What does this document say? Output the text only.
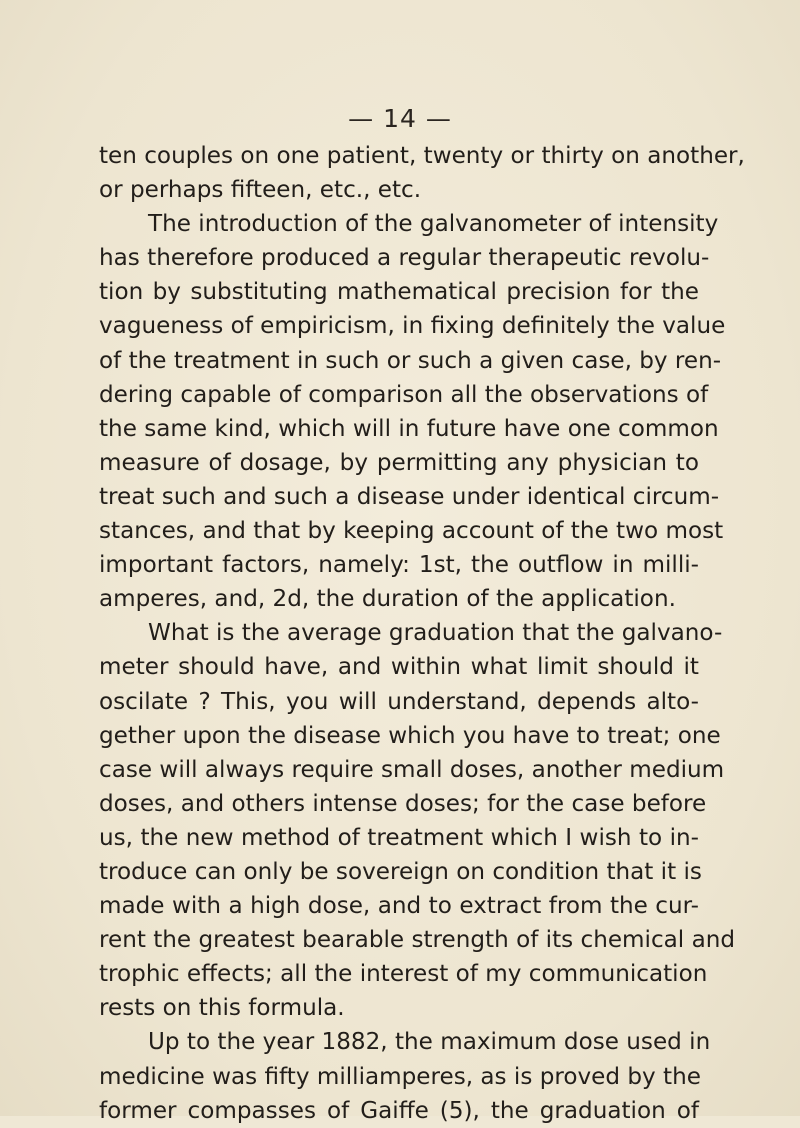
— 14 —
ten couples on one patient, twenty or thirty on another,
or perhaps fifteen, etc., etc.
The introduction of the galvanometer of intensity
has therefore produced a regular therapeutic revolu-
tion by substituting mathematical precision for the
vagueness of empiricism, in fixing definitely the value
of the treatment in such or such a given case, by ren-
dering capable of comparison all the observations of
the same kind, which will in future have one common
measure of dosage, by permitting any physician to
treat such and such a disease under identical circum-
stances, and that by keeping account of the two most
important factors, namely: 1st, the outflow in milli-
amperes, and, 2d, the duration of the application.
What is the average graduation that the galvano-
meter should have, and within what limit should it
oscilate ? This, you will understand, depends alto-
gether upon the disease which you have to treat; one
case will always require small doses, another medium
doses, and others intense doses; for the case before
us, the new method of treatment which I wish to in-
troduce can only be sovereign on condition that it is
made with a high dose, and to extract from the cur-
rent the greatest bearable strength of its chemical and
trophic effects; all the interest of my communication
rests on this formula.
Up to the year 1882, the maximum dose used in
medicine was fifty milliamperes, as is proved by the
former compasses of Gaiffe (5), the graduation of
